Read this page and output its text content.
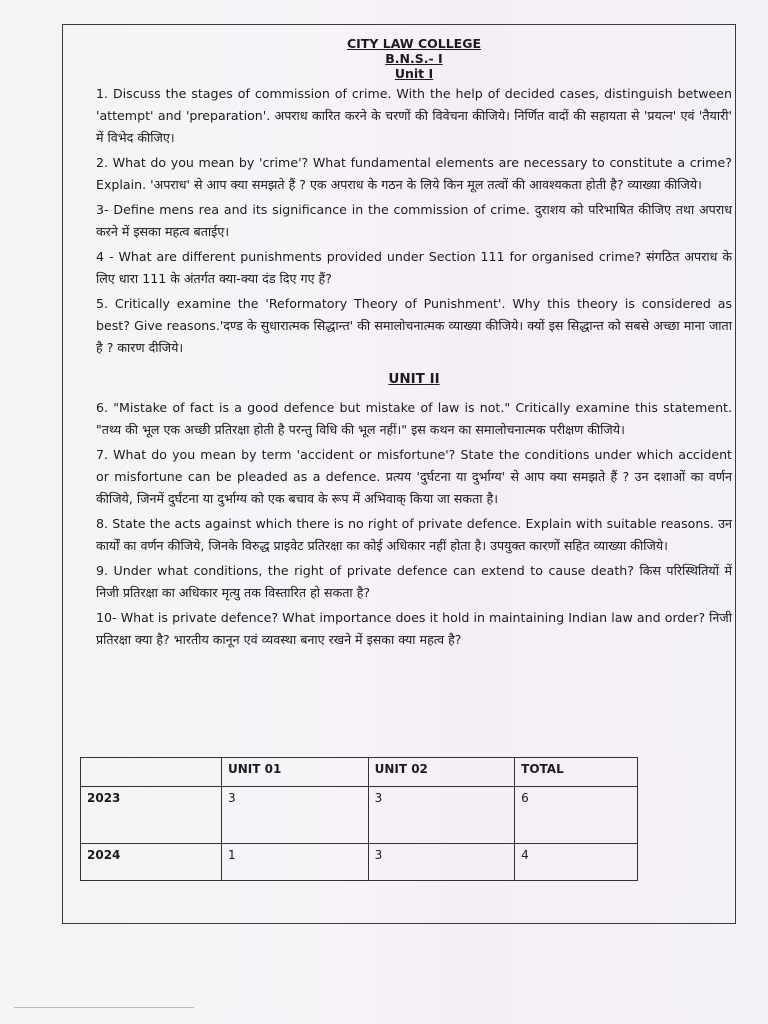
CITY LAW COLLEGE

B.N.S.- I

Unit I

1. Discuss the stages of commission of crime. With the help of decided cases, distinguish between 'attempt' and 'preparation'. अपराध कारित करने के चरणों की विवेचना कीजिये। निर्णित वादों की सहायता से 'प्रयत्न' एवं 'तैयारी' में विभेद कीजिए।

2. What do you mean by 'crime'? What fundamental elements are necessary to constitute a crime? Explain. 'अपराध' से आप क्या समझते हैं ? एक अपराध के गठन के लिये किन मूल तत्वों की आवश्यकता होती है? व्याख्या कीजिये।

3- Define mens rea and its significance in the commission of crime. दुराशय को परिभाषित कीजिए तथा अपराध करने में इसका महत्व बताईए।

4 - What are different punishments provided under Section 111 for organised crime? संगठित अपराध के लिए धारा 111 के अंतर्गत क्या-क्या दंड दिए गए हैं?

5. Critically examine the 'Reformatory Theory of Punishment'. Why this theory is considered as best? Give reasons.'दण्ड के सुधारात्मक सिद्धान्त' की समालोचनात्मक व्याख्या कीजिये। क्यों इस सिद्धान्त को सबसे अच्छा माना जाता है ? कारण दीजिये।

UNIT II

6. "Mistake of fact is a good defence but mistake of law is not." Critically examine this statement. "तथ्य की भूल एक अच्छी प्रतिरक्षा होती है परन्तु विधि की भूल नहीं।" इस कथन का समालोचनात्मक परीक्षण कीजिये।

7. What do you mean by term 'accident or misfortune'? State the conditions under which accident or misfortune can be pleaded as a defence. प्रत्यय 'दुर्घटना या दुर्भाग्य' से आप क्या समझते हैं ? उन दशाओं का वर्णन कीजिये, जिनमें दुर्घटना या दुर्भाग्य को एक बचाव के रूप में अभिवाक् किया जा सकता है।

8. State the acts against which there is no right of private defence. Explain with suitable reasons. उन कार्यों का वर्णन कीजिये, जिनके विरुद्ध प्राइवेट प्रतिरक्षा का कोई अधिकार नहीं होता है। उपयुक्त कारणों सहित व्याख्या कीजिये।

9. Under what conditions, the right of private defence can extend to cause death? किस परिस्थितियों में निजी प्रतिरक्षा का अधिकार मृत्यु तक विस्तारित हो सकता है?

10- What is private defence? What importance does it hold in maintaining Indian law and order? निजी प्रतिरक्षा क्या है? भारतीय कानून एवं व्यवस्था बनाए रखने में इसका क्या महत्व है?

	UNIT 01	UNIT 02	TOTAL
2023	3	3	6
2024	1	3	4
